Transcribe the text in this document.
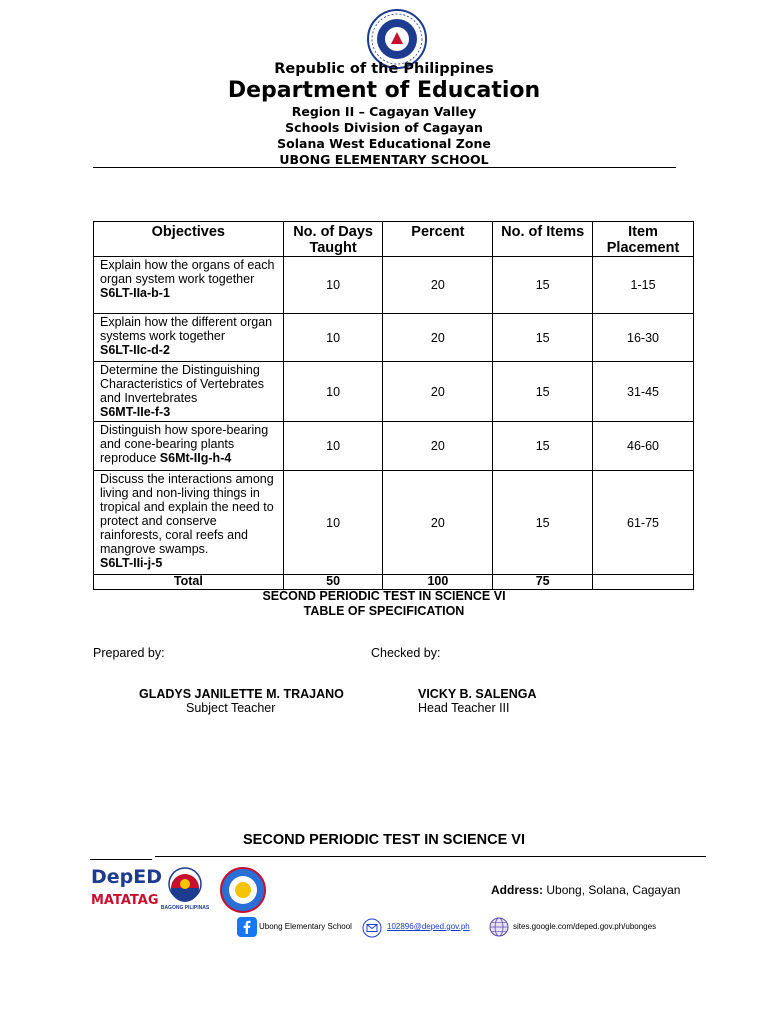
Republic of the Philippines
Department of Education
Region II – Cagayan Valley
Schools Division of Cagayan
Solana West Educational Zone
UBONG ELEMENTARY SCHOOL
Objectives	No. of Days Taught	Percent	No. of Items	Item Placement
Explain how the organs of each organ system work together
S6LT-IIa-b-1	10	20	15	1-15
Explain how the different organ systems work together
S6LT-IIc-d-2	10	20	15	16-30
Determine the Distinguishing Characteristics of Vertebrates and Invertebrates
S6MT-IIe-f-3	10	20	15	31-45
Distinguish how spore-bearing and cone-bearing plants reproduce S6Mt-IIg-h-4	10	20	15	46-60
Discuss the interactions among living and non-living things in tropical and explain the need to protect and conserve rainforests, coral reefs and mangrove swamps.
S6LT-IIi-j-5	10	20	15	61-75
Total	50	100	75	
SECOND PERIODIC TEST IN SCIENCE VI
TABLE OF SPECIFICATION
Prepared by:	Checked by:
GLADYS JANILETTE M. TRAJANO
Subject Teacher
VICKY B. SALENGA
Head Teacher III
SECOND PERIODIC TEST IN SCIENCE VI
DepED
MATATAG BAGONG PILIPINAS
Address: Ubong, Solana, Cagayan
Ubong Elementary School	102896@deped.gov.ph	sites.google.com/deped.gov.ph/ubonges
